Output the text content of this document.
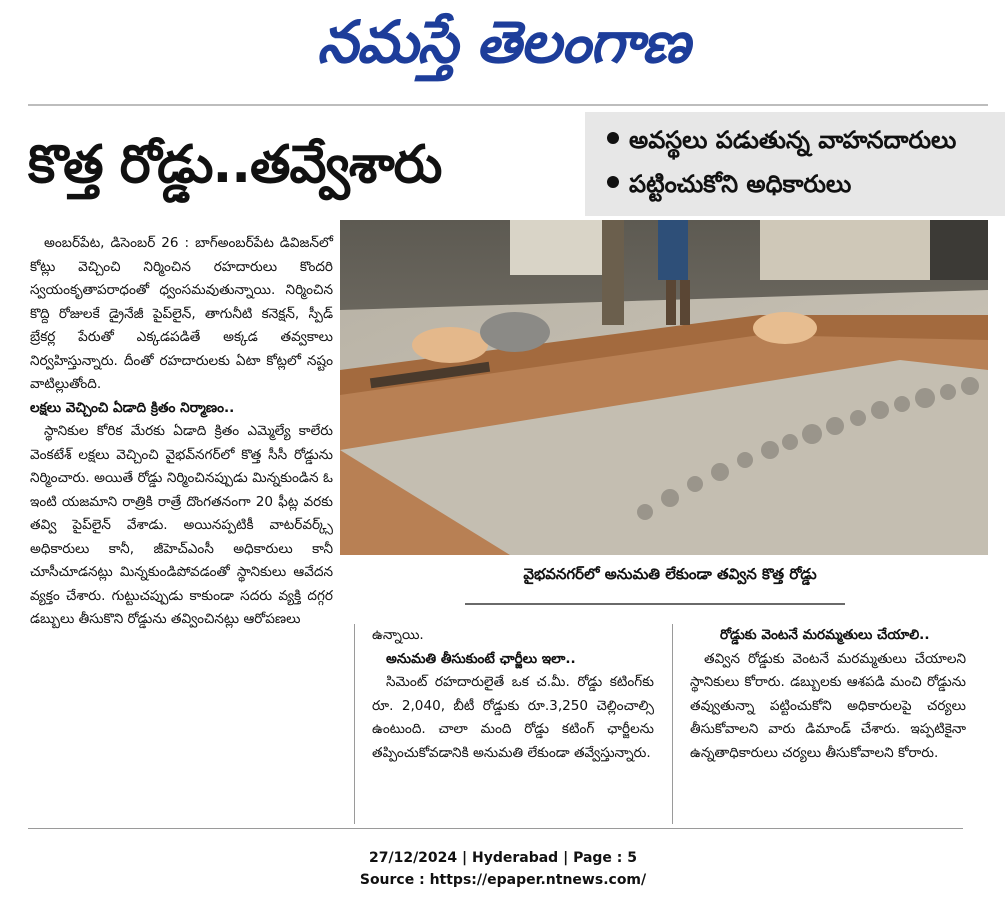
నమస్తే తెలంగాణ
కొత్త రోడ్డు..తవ్వేశారు	అవస్థలు పడుతున్న వాహనదారులు
పట్టించుకోని అధికారులు
వైభవనగర్‌లో అనుమతి లేకుండా తవ్విన కొత్త రోడ్డు
అంబర్‌పేట, డిసెంబర్ 26 : బాగ్‌అంబర్‌పేట డివిజన్‌లో కోట్లు వెచ్చించి నిర్మించిన రహదారులు కొందరి స్వయంకృతాపరాధంతో ధ్వంసమవుతున్నాయి. నిర్మించిన కొద్ది రోజులకే డ్రైనేజీ పైప్‌లైన్, తాగునీటి కనెక్షన్, స్పీడ్ బ్రేకర్ల పేరుతో ఎక్కడపడితే అక్కడ తవ్వకాలు నిర్వహిస్తున్నారు. దీంతో రహదారులకు ఏటా కోట్లలో నష్టం వాటిల్లుతోంది.
లక్షలు వెచ్చించి ఏడాది క్రితం నిర్మాణం..
స్థానికుల కోరిక మేరకు ఏడాది క్రితం ఎమ్మెల్యే కాలేరు వెంకటేశ్ లక్షలు వెచ్చించి వైభవ్‌నగర్‌లో కొత్త సీసీ రోడ్డును నిర్మించారు. అయితే రోడ్డు నిర్మించినప్పుడు మిన్నకుండిన ఓ ఇంటి యజమాని రాత్రికి రాత్రే దొంగతనంగా 20 ఫీట్ల వరకు తవ్వి పైప్‌లైన్ వేశాడు. అయినప్పటికీ వాటర్‌వర్క్స్ అధికారులు కానీ, జీహెచ్‌ఎంసీ అధికారులు కానీ చూసీచూడనట్లు మిన్నకుండిపోవడంతో స్థానికులు ఆవేదన వ్యక్తం చేశారు. గుట్టుచప్పుడు కాకుండా సదరు వ్యక్తి దగ్గర డబ్బులు తీసుకొని రోడ్డును తవ్వించినట్లు ఆరోపణలు
ఉన్నాయి.
అనుమతి తీసుకుంటే ఛార్జీలు ఇలా..
సిమెంట్ రహదారులైతే ఒక చ.మీ. రోడ్డు కటింగ్‌కు రూ. 2,040, బీటీ రోడ్డుకు రూ.3,250 చెల్లించాల్సి ఉంటుంది. చాలా మంది రోడ్డు కటింగ్ ఛార్జీలను తప్పించుకోవడానికి అనుమతి లేకుండా తవ్వేస్తున్నారు.
రోడ్డుకు వెంటనే మరమ్మతులు చేయాలి..
తవ్విన రోడ్డుకు వెంటనే మరమ్మతులు చేయాలని స్థానికులు కోరారు. డబ్బులకు ఆశపడి మంచి రోడ్డును తవ్వుతున్నా పట్టించుకోని అధికారులపై చర్యలు తీసుకోవాలని వారు డిమాండ్ చేశారు. ఇప్పటికైనా ఉన్నతాధికారులు చర్యలు తీసుకోవాలని కోరారు.
27/12/2024 | Hyderabad | Page : 5
Source : https://epaper.ntnews.com/
